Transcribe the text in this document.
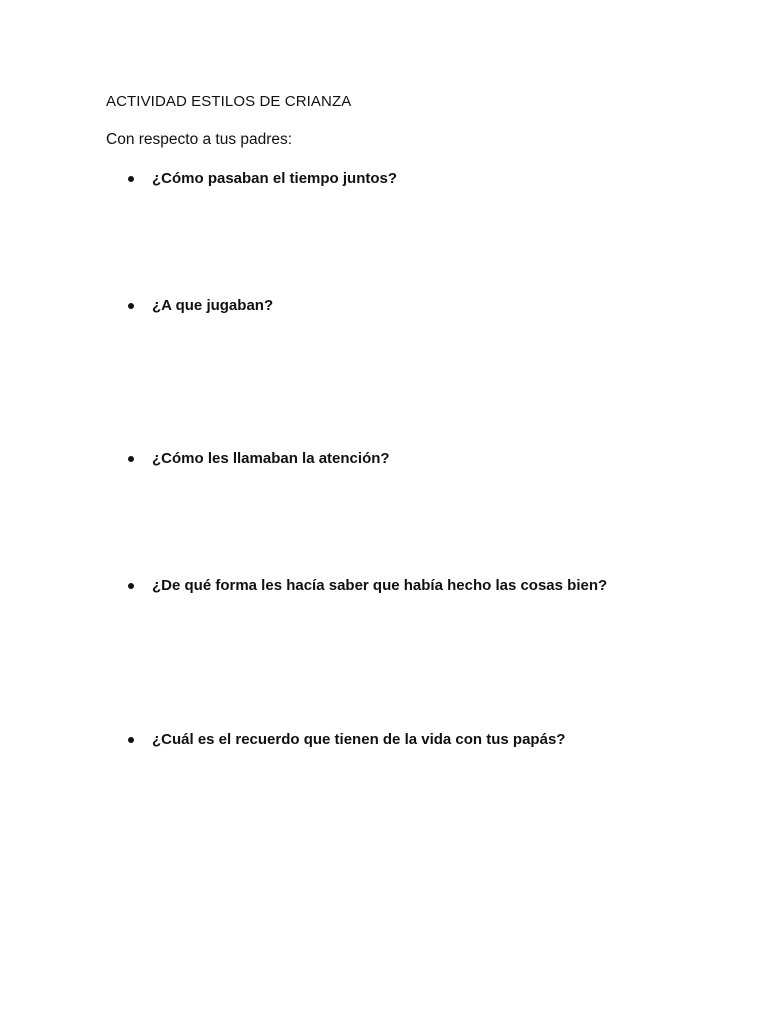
ACTIVIDAD ESTILOS DE CRIANZA
Con respecto a tus padres:
¿Cómo pasaban el tiempo juntos?
¿A que jugaban?
¿Cómo les llamaban la atención?
¿De qué forma les hacía saber que había hecho las cosas bien?
¿Cuál es el recuerdo que tienen de la vida con tus papás?
